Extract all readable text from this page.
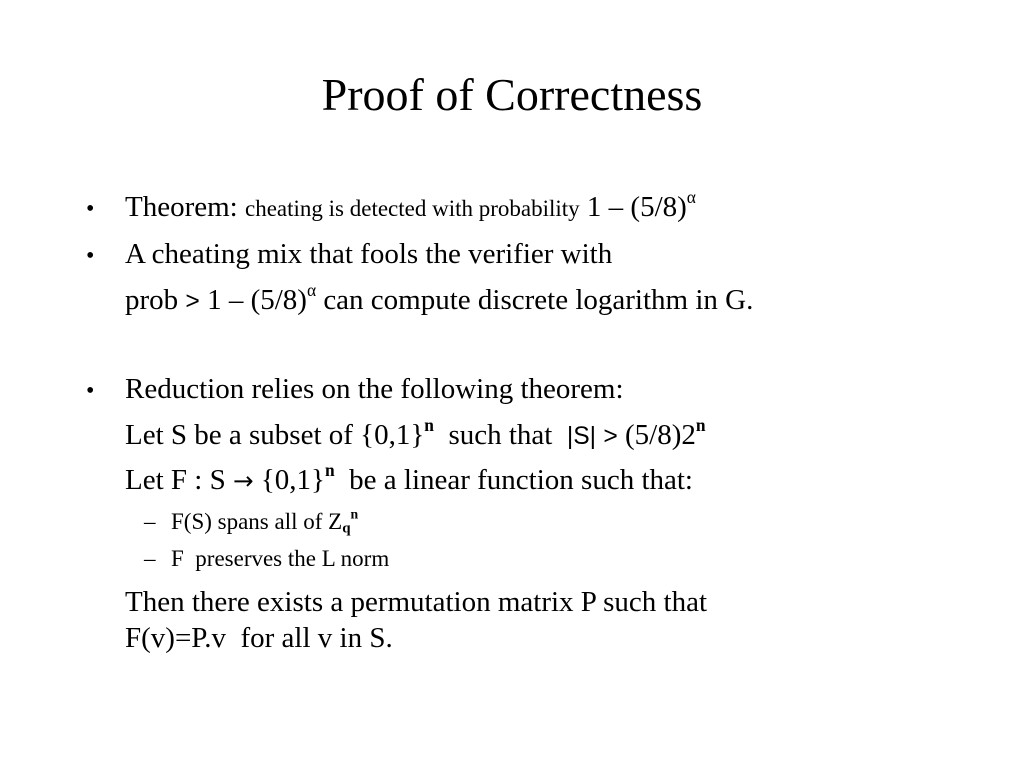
Proof of Correctness
• Theorem: cheating is detected with probability $1 - (5/8)^\alpha$
• A cheating mix that fools the verifier with
prob > $1 - (5/8)^\alpha$ can compute discrete logarithm in G.
• Reduction relies on the following theorem:
Let S be a subset of $\{0,1\}^n$ such that $|S| > (5/8)2^n$
Let F : $S \to \{0,1\}^n$ be a linear function such that:
– F(S) spans all of $Z_q^n$
– F  preserves the L norm
Then there exists a permutation matrix P such that
F(v)=P.v  for all v in S.
